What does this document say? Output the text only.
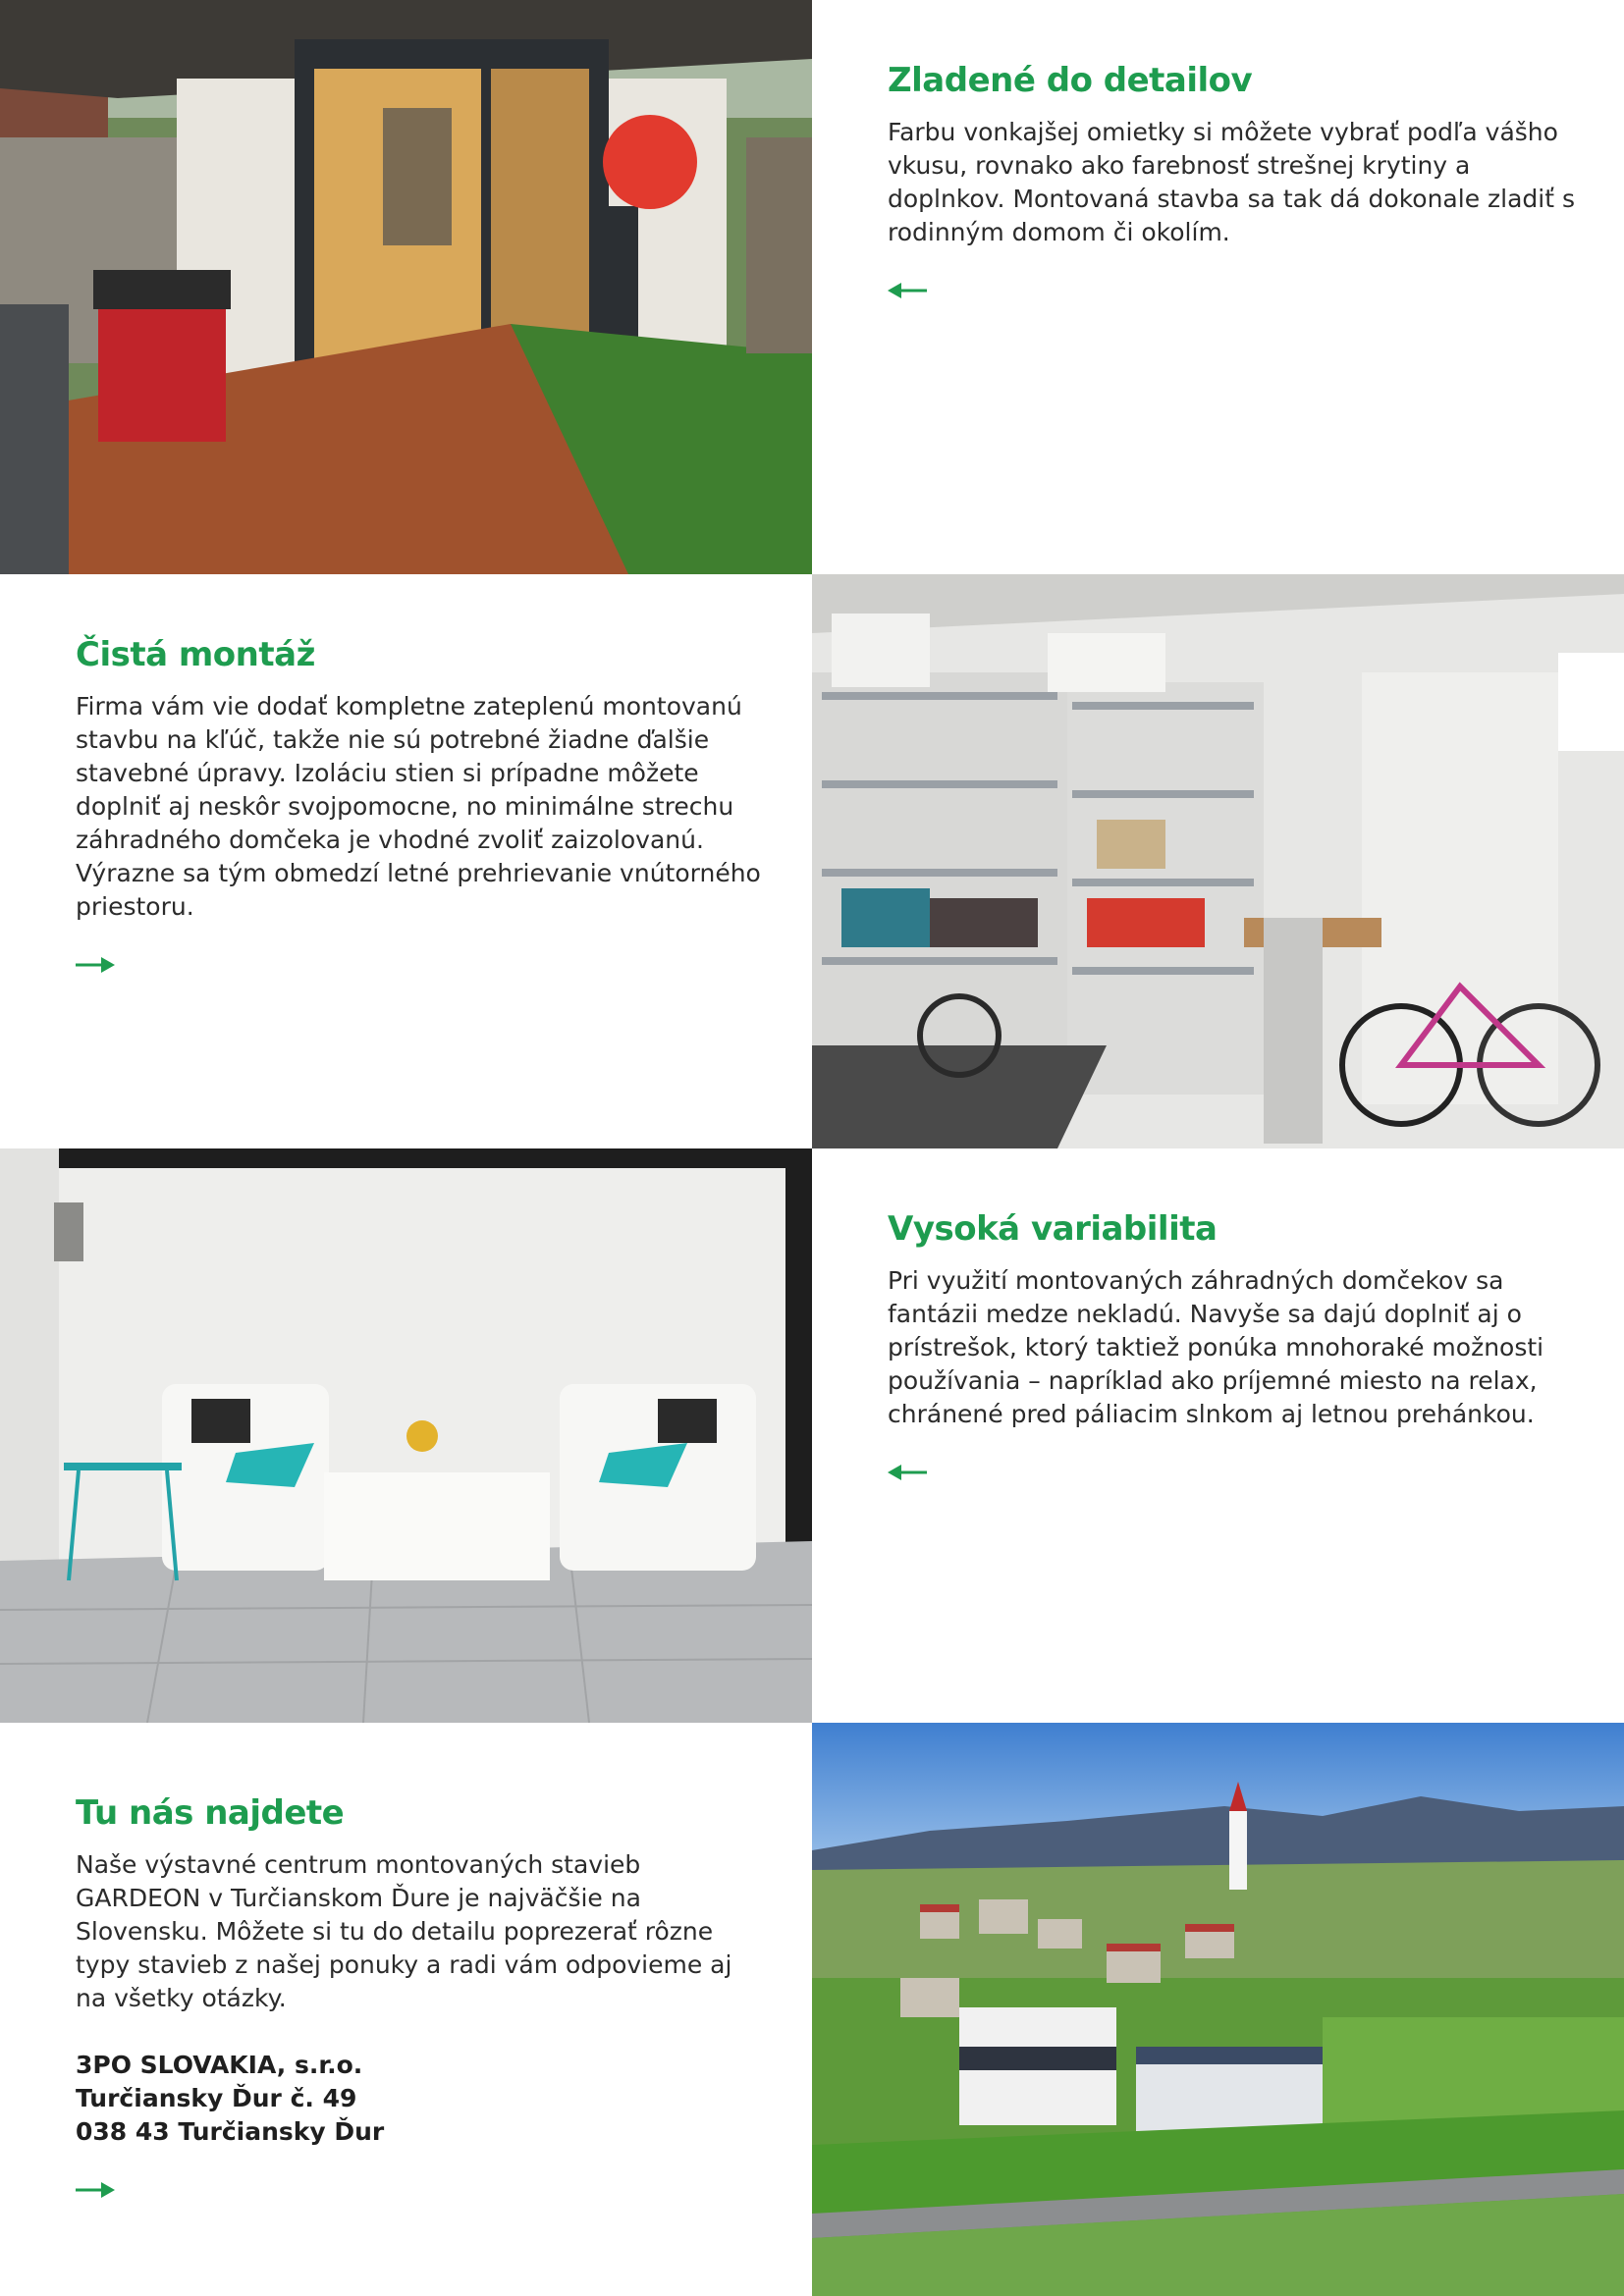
Zladené do detailov

Farbu vonkajšej omietky si môžete vybrať podľa vášho vkusu, rovnako ako farebnosť strešnej krytiny a doplnkov. Montovaná stavba sa tak dá dokonale zladiť s rodinným domom či okolím.

Čistá montáž

Firma vám vie dodať kompletne zateplenú montovanú stavbu na kľúč, takže nie sú potrebné žiadne ďalšie stavebné úpravy. Izoláciu stien si prípadne môžete doplniť aj neskôr svojpomocne, no minimálne strechu záhradného domčeka je vhodné zvoliť zaizolovanú. Výrazne sa tým obmedzí letné prehrievanie vnútorného priestoru.

Vysoká variabilita

Pri využití montovaných záhradných domčekov sa fantázii medze nekladú. Navyše sa dajú doplniť aj o prístrešok, ktorý taktiež ponúka mnohoraké možnosti používania – napríklad ako príjemné miesto na relax, chránené pred páliacim slnkom aj letnou prehánkou.

Tu nás najdete

Naše výstavné centrum montovaných stavieb GARDEON v Turčianskom Ďure je najväčšie na Slovensku. Môžete si tu do detailu poprezerať rôzne typy stavieb z našej ponuky a radi vám odpovieme aj na všetky otázky.

3PO SLOVAKIA, s.r.o.
Turčiansky Ďur č. 49
038 43 Turčiansky Ďur
